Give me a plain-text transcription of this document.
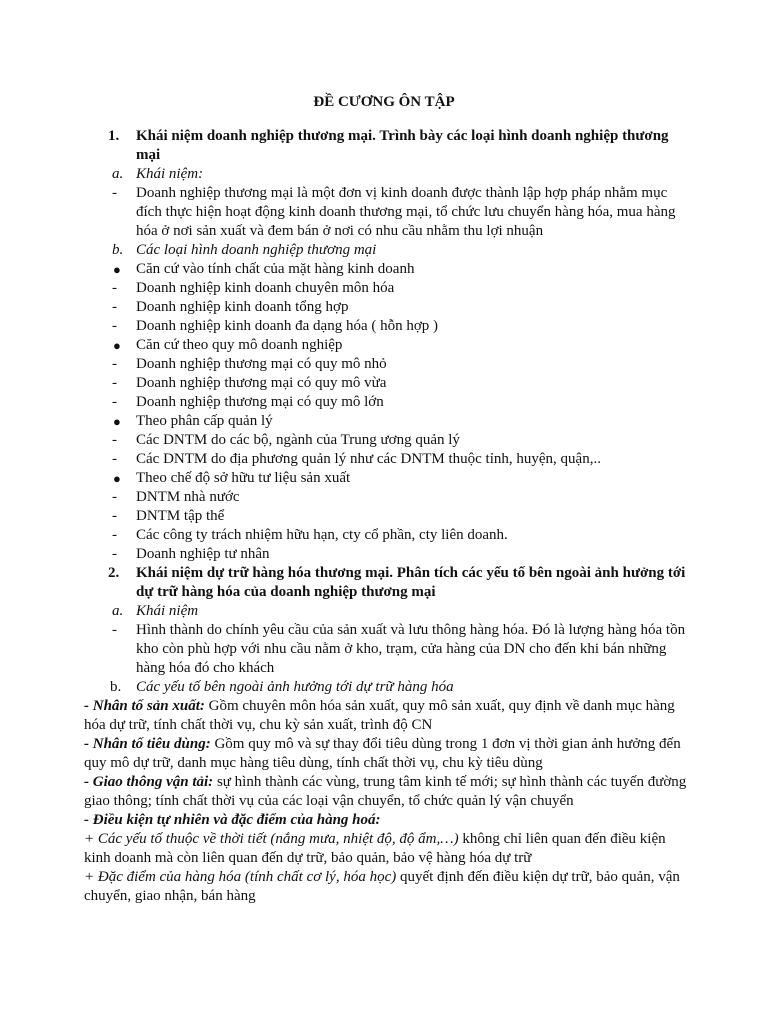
ĐỀ CƯƠNG ÔN TẬP
1. Khái niệm doanh nghiệp thương mại. Trình bày các loại hình doanh nghiệp thương mại
a. Khái niệm:
- Doanh nghiệp thương mại là một đơn vị kinh doanh được thành lập hợp pháp nhằm mục đích thực hiện hoạt động kinh doanh thương mại, tổ chức lưu chuyển hàng hóa, mua hàng hóa ở nơi sản xuất và đem bán ở nơi có nhu cầu nhằm thu lợi nhuận
b. Các loại hình doanh nghiệp thương mại
● Căn cứ vào tính chất của mặt hàng kinh doanh
- Doanh nghiệp kinh doanh chuyên môn hóa
- Doanh nghiệp kinh doanh tổng hợp
- Doanh nghiệp kinh doanh đa dạng hóa ( hỗn hợp )
● Căn cứ theo quy mô doanh nghiệp
- Doanh nghiệp thương mại có quy mô nhỏ
- Doanh nghiệp thương mại có quy mô vừa
- Doanh nghiệp thương mại có quy mô lớn
● Theo phân cấp quản lý
- Các DNTM do các bộ, ngành của Trung ương quản lý
- Các DNTM do địa phương quản lý như các DNTM thuộc tỉnh, huyện, quận,..
● Theo chế độ sở hữu tư liệu sản xuất
- DNTM nhà nước
- DNTM tập thể
- Các công ty trách nhiệm hữu hạn, cty cổ phần, cty liên doanh.
- Doanh nghiệp tư nhân
2. Khái niệm dự trữ hàng hóa thương mại. Phân tích các yếu tố bên ngoài ảnh hưởng tới dự trữ hàng hóa của doanh nghiệp thương mại
a. Khái niệm
- Hình thành do chính yêu cầu của sản xuất và lưu thông hàng hóa. Đó là lượng hàng hóa tồn kho còn phù hợp với nhu cầu nằm ở kho, trạm, cửa hàng của DN cho đến khi bán những hàng hóa đó cho khách
b. Các yếu tố bên ngoài ảnh hưởng tới dự trữ hàng hóa
- Nhân tố sản xuất: Gồm chuyên môn hóa sản xuất, quy mô sản xuất, quy định về danh mục hàng hóa dự trữ, tính chất thời vụ, chu kỳ sản xuất, trình độ CN
- Nhân tố tiêu dùng: Gồm quy mô và sự thay đổi tiêu dùng trong 1 đơn vị thời gian ảnh hưởng đến quy mô dự trữ, danh mục hàng tiêu dùng, tính chất thời vụ, chu kỳ tiêu dùng
- Giao thông vận tải: sự hình thành các vùng, trung tâm kinh tế mới; sự hình thành các tuyến đường giao thông; tính chất thời vụ của các loại vận chuyển, tổ chức quản lý vận chuyển
- Điều kiện tự nhiên và đặc điểm của hàng hoá:
+ Các yếu tố thuộc về thời tiết (nắng mưa, nhiệt độ, độ ẩm,…) không chỉ liên quan đến điều kiện kinh doanh mà còn liên quan đến dự trữ, bảo quản, bảo vệ hàng hóa dự trữ
+ Đặc điểm của hàng hóa (tính chất cơ lý, hóa học) quyết định đến điều kiện dự trữ, bảo quản, vận chuyển, giao nhận, bán hàng
